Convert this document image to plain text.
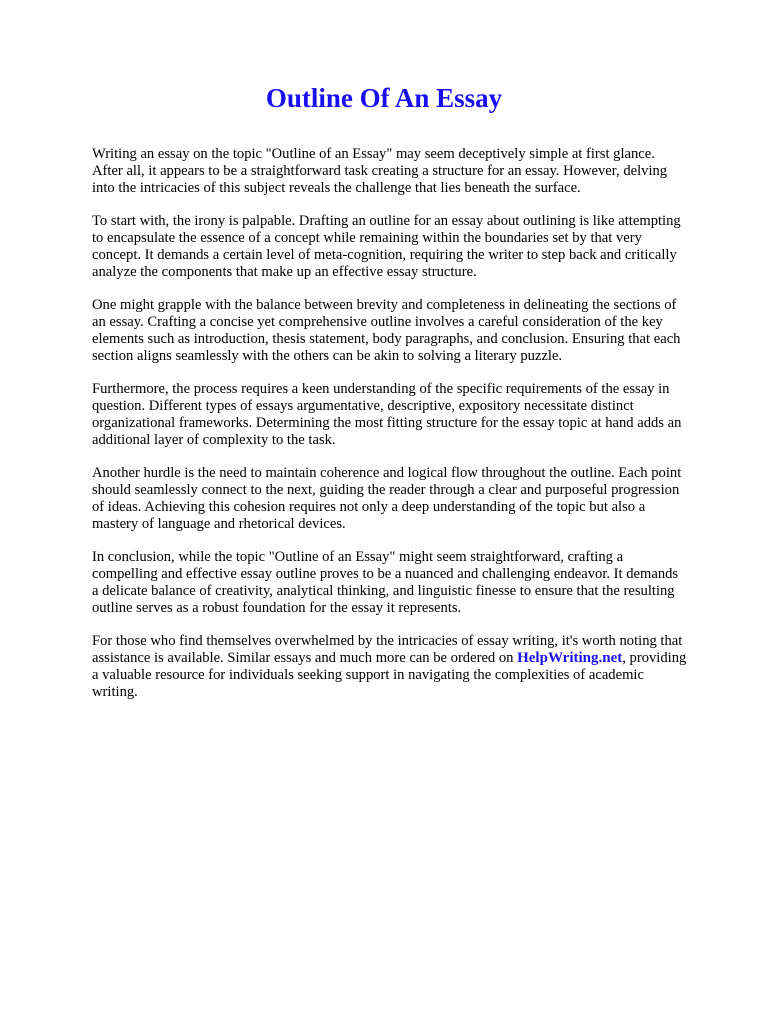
Outline Of An Essay

Writing an essay on the topic "Outline of an Essay" may seem deceptively simple at first glance.
After all, it appears to be a straightforward task creating a structure for an essay. However, delving
into the intricacies of this subject reveals the challenge that lies beneath the surface.

To start with, the irony is palpable. Drafting an outline for an essay about outlining is like attempting
to encapsulate the essence of a concept while remaining within the boundaries set by that very
concept. It demands a certain level of meta-cognition, requiring the writer to step back and critically
analyze the components that make up an effective essay structure.

One might grapple with the balance between brevity and completeness in delineating the sections of
an essay. Crafting a concise yet comprehensive outline involves a careful consideration of the key
elements such as introduction, thesis statement, body paragraphs, and conclusion. Ensuring that each
section aligns seamlessly with the others can be akin to solving a literary puzzle.

Furthermore, the process requires a keen understanding of the specific requirements of the essay in
question. Different types of essays argumentative, descriptive, expository necessitate distinct
organizational frameworks. Determining the most fitting structure for the essay topic at hand adds an
additional layer of complexity to the task.

Another hurdle is the need to maintain coherence and logical flow throughout the outline. Each point
should seamlessly connect to the next, guiding the reader through a clear and purposeful progression
of ideas. Achieving this cohesion requires not only a deep understanding of the topic but also a
mastery of language and rhetorical devices.

In conclusion, while the topic "Outline of an Essay" might seem straightforward, crafting a
compelling and effective essay outline proves to be a nuanced and challenging endeavor. It demands
a delicate balance of creativity, analytical thinking, and linguistic finesse to ensure that the resulting
outline serves as a robust foundation for the essay it represents.

For those who find themselves overwhelmed by the intricacies of essay writing, it's worth noting that
assistance is available. Similar essays and much more can be ordered on HelpWriting.net, providing
a valuable resource for individuals seeking support in navigating the complexities of academic
writing.
